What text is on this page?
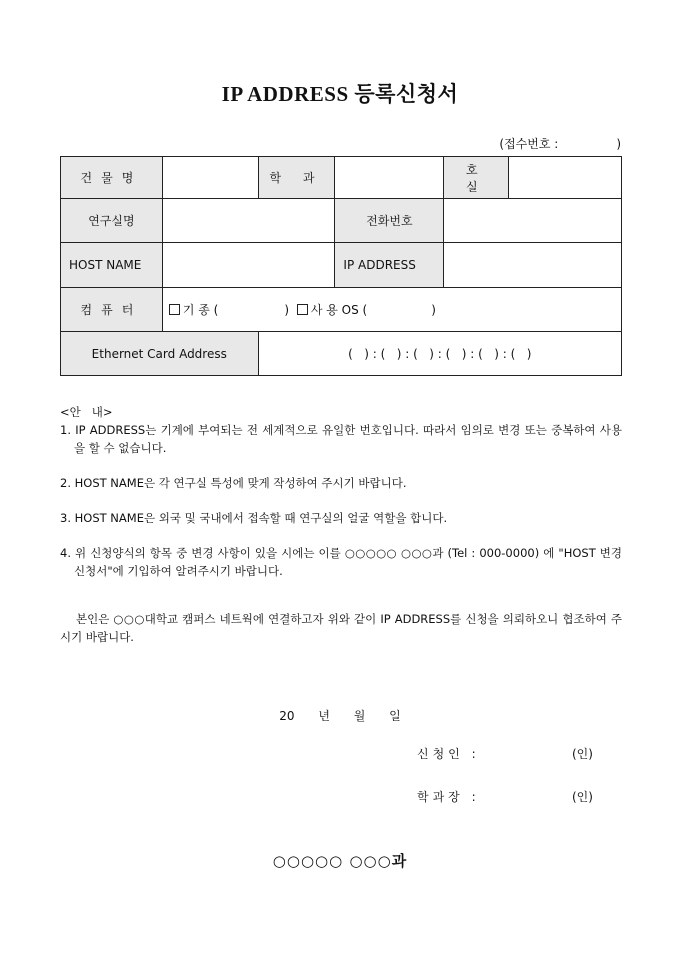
IP ADDRESS 등록신청서
(접수번호 :	)
건물명		학 과		호 실	
연구실명			전화번호		
HOST NAME			IP ADDRESS		
컴퓨터	기 종 ( ) 사 용 OS ( )				
Ethernet Card Address		(   ) : (   ) : (   ) : (   ) : (   ) : (   )			

<안   내>

1. IP ADDRESS는 기계에 부여되는 전 세계적으로 유일한 번호입니다. 따라서 임의로 변경 또는 중복하여 사용을 할 수 없습니다.

2. HOST NAME은 각 연구실 특성에 맞게 작성하여 주시기 바랍니다.

3. HOST NAME은 외국 및 국내에서 접속할 때 연구실의 얼굴 역할을 합니다.

4. 위 신청양식의 항목 중 변경 사항이 있을 시에는 이를 ○○○○○ ○○○과 (Tel : 000-0000) 에 "HOST 변경신청서"에 기입하여 알려주시기 바랍니다.

본인은 ○○○대학교 캠퍼스 네트웍에 연결하고자 위와 같이 IP ADDRESS를 신청을 의뢰하오니 협조하여 주시기 바랍니다.

20 년 월 일
신청인 :	(인)
학과장 :	(인)
○○○○○ ○○○과
